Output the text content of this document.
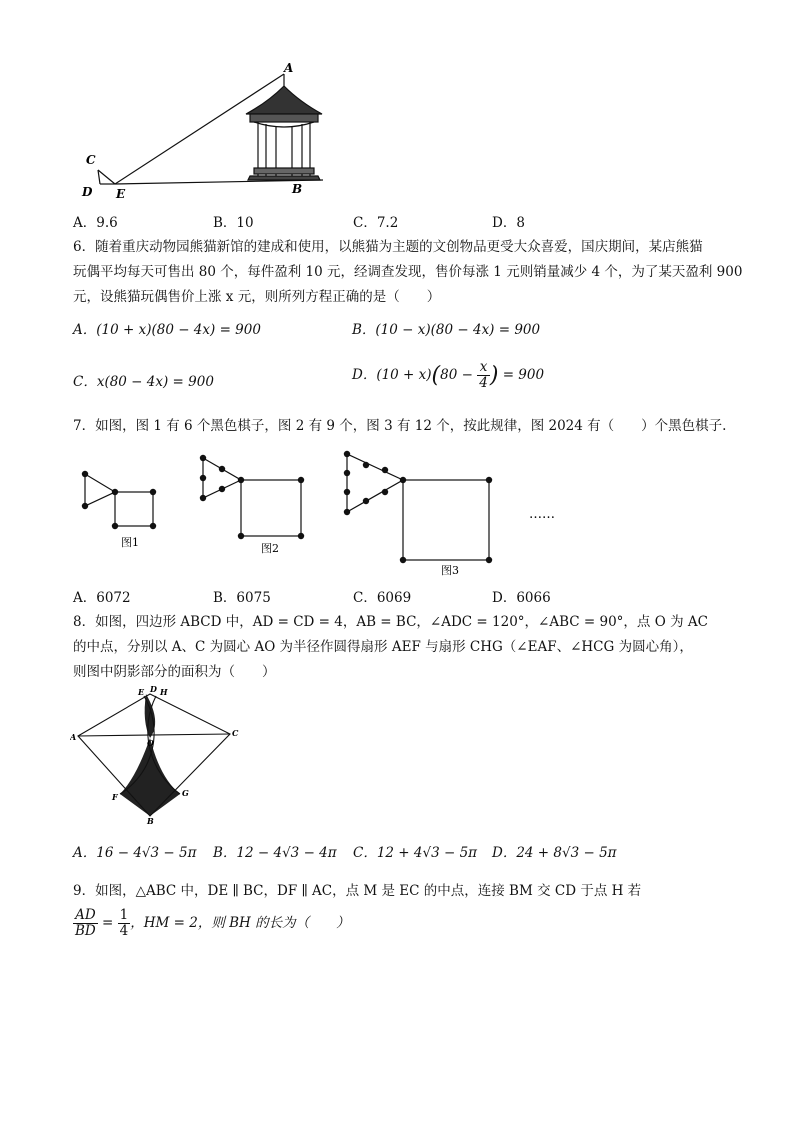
A
C
D E	B
A．9.6	B．10	C．7.2	D．8
6．随着重庆动物园熊猫新馆的建成和使用，以熊猫为主题的文创物品更受大众喜爱，国庆期间，某店熊猫
玩偶平均每天可售出 80 个，每件盈利 10 元，经调查发现，售价每涨 1 元则销量减少 4 个，为了某天盈利 900
元，设熊猫玩偶售价上涨 x 元，则所列方程正确的是（　　）
A．(10 + x)(80 − 4x) = 900	B．(10 − x)(80 − 4x) = 900
C．x(80 − 4x) = 900	D．$(10 + x)(80 - \frac{x}{4}$ ) = 900
7．如图，图 1 有 6 个黑色棋子，图 2 有 9 个，图 3 有 12 个，按此规律，图 2024 有（　　）个黑色棋子.
图1	图2
图3
……
A．6072	B．6075	C．6069	D．6066
8．如图，四边形 ABCD 中，AD = CD = 4，AB = BC，∠ADC = 120°，∠ABC = 90°，点 O 为 AC
的中点，分别以 A、C 为圆心 AO 为半径作圆得扇形 AEF 与扇形 CHG（∠EAF、∠HCG 为圆心角），
则图中阴影部分的面积为（　　）
E D H
A	C
O
F	G
B
A．16 − 4√3 − 5π B．12 − 4√3 − 4π C．12 + 4√3 − 5π D．24 + 8√3 − 5π
9．如图，△ABC 中，DE ∥ BC，DF ∥ AC，点 M 是 EC 的中点，连接 BM 交 CD 于点 H 若
$\frac{AD}{BD} = \frac{1}{4}$ ，HM = 2，则 BH 的长为（　　）
